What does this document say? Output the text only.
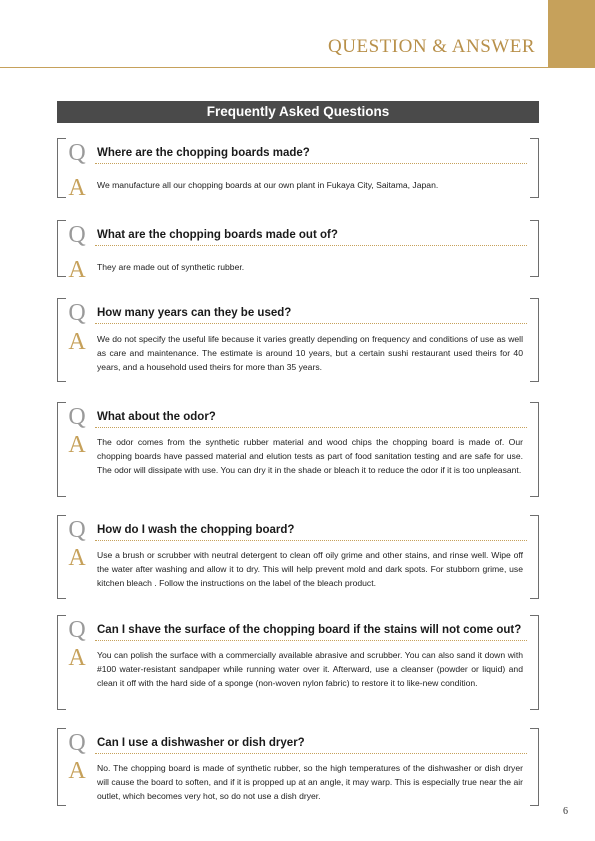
QUESTION & ANSWER
Frequently Asked Questions
Q Where are the chopping boards made?
A	We manufacture all our chopping boards at our own plant in Fukaya City, Saitama, Japan.
Q What are the chopping boards made out of?
A	They are made out of synthetic rubber.
Q How many years can they be used?
A	We do not specify the useful life because it varies greatly depending on frequency and conditions of use as well as care and maintenance. The estimate is around 10 years, but a certain sushi restaurant used theirs for 40 years, and a household used theirs for more than 35 years.
Q What about the odor?
A	The odor comes from the synthetic rubber material and wood chips the chopping board is made of. Our chopping boards have passed material and elution tests as part of food sanitation testing and are safe for use. The odor will dissipate with use. You can dry it in the shade or bleach it to reduce the odor if it is too unpleasant.
Q How do I wash the chopping board?
A	Use a brush or scrubber with neutral detergent to clean off oily grime and other stains, and rinse well. Wipe off the water after washing and allow it to dry. This will help prevent mold and dark spots. For stubborn grime, use kitchen bleach . Follow the instructions on the label of the bleach product.
Q Can I shave the surface of the chopping board if the stains will not come out?
A	You can polish the surface with a commercially available abrasive and scrubber. You can also sand it down with #100 water-resistant sandpaper while running water over it. Afterward, use a cleanser (powder or liquid) and clean it off with the hard side of a sponge (non-woven nylon fabric) to restore it to like-new condition.
Q Can I use a dishwasher or dish dryer?
A	No. The chopping board is made of synthetic rubber, so the high temperatures of the dishwasher or dish dryer will cause the board to soften, and if it is propped up at an angle, it may warp. This is especially true near the air outlet, which becomes very hot, so do not use a dish dryer.
6
